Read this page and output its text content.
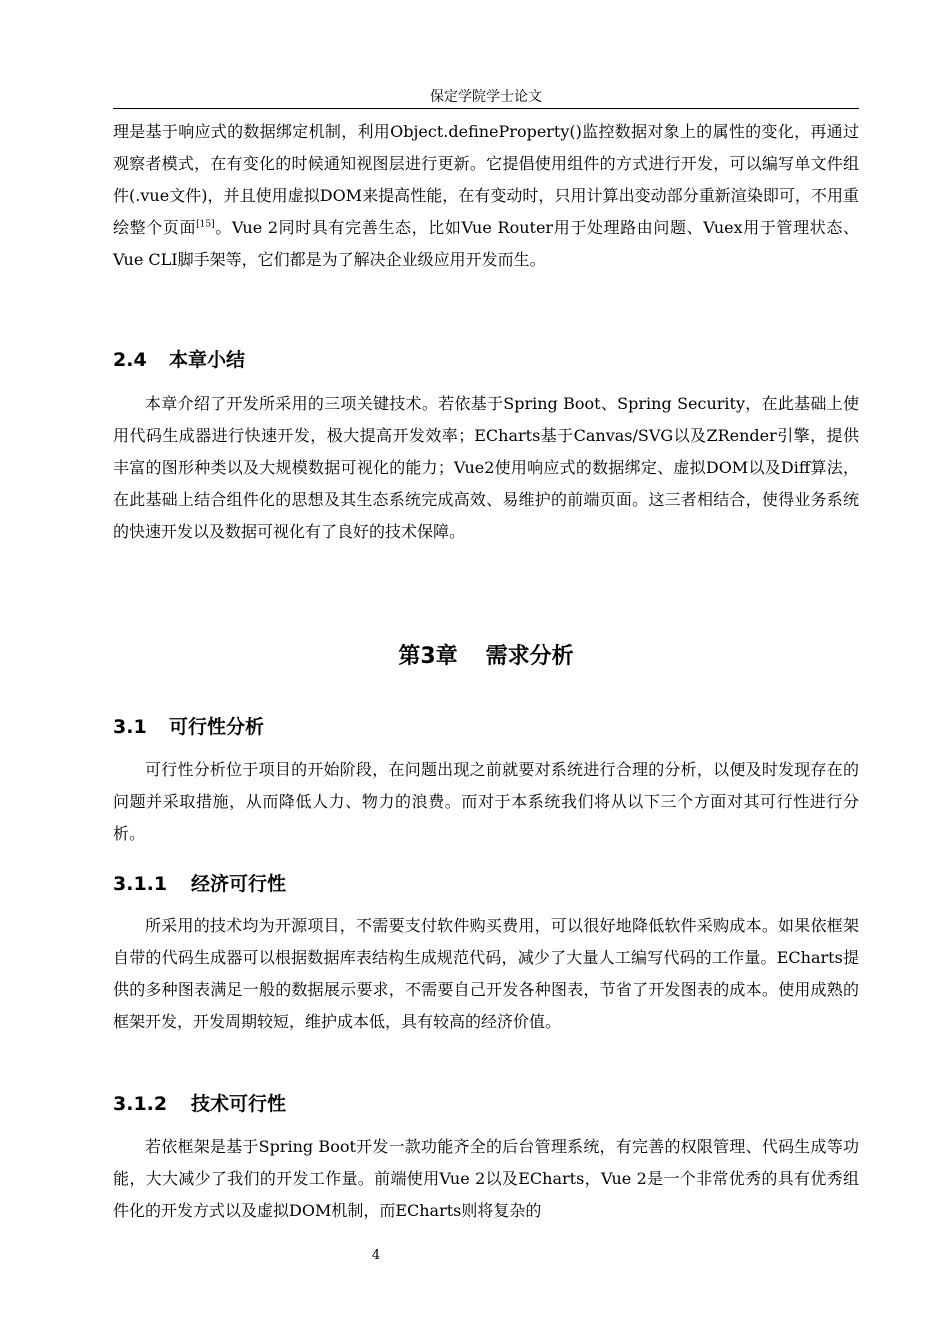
保定学院学士论文

理是基于响应式的数据绑定机制，利用Object.defineProperty()监控数据对象上的属性的变化，再通过观察者模式，在有变化的时候通知视图层进行更新。它提倡使用组件的方式进行开发，可以编写单文件组件(.vue文件)，并且使用虚拟DOM来提高性能，在有变动时，只用计算出变动部分重新渲染即可，不用重绘整个页面[15]。Vue 2同时具有完善生态，比如Vue Router用于处理路由问题、Vuex用于管理状态、Vue CLI脚手架等，它们都是为了解决企业级应用开发而生。

2.4 本章小结

本章介绍了开发所采用的三项关键技术。若依基于Spring Boot、Spring Security，在此基础上使用代码生成器进行快速开发，极大提高开发效率；ECharts基于Canvas/SVG以及ZRender引擎，提供丰富的图形种类以及大规模数据可视化的能力；Vue2使用响应式的数据绑定、虚拟DOM以及Diff算法，在此基础上结合组件化的思想及其生态系统完成高效、易维护的前端页面。这三者相结合，使得业务系统的快速开发以及数据可视化有了良好的技术保障。

第3章 需求分析
3.1 可行性分析

可行性分析位于项目的开始阶段，在问题出现之前就要对系统进行合理的分析，以便及时发现存在的问题并采取措施，从而降低人力、物力的浪费。而对于本系统我们将从以下三个方面对其可行性进行分析。

3.1.1 经济可行性

所采用的技术均为开源项目，不需要支付软件购买费用，可以很好地降低软件采购成本。如果依框架自带的代码生成器可以根据数据库表结构生成规范代码，减少了大量人工编写代码的工作量。ECharts提供的多种图表满足一般的数据展示要求，不需要自己开发各种图表，节省了开发图表的成本。使用成熟的框架开发，开发周期较短，维护成本低，具有较高的经济价值。

3.1.2 技术可行性

若依框架是基于Spring Boot开发一款功能齐全的后台管理系统，有完善的权限管理、代码生成等功能，大大减少了我们的开发工作量。前端使用Vue 2以及ECharts，Vue 2是一个非常优秀的具有优秀组件化的开发方式以及虚拟DOM机制，而ECharts则将复杂的

4
